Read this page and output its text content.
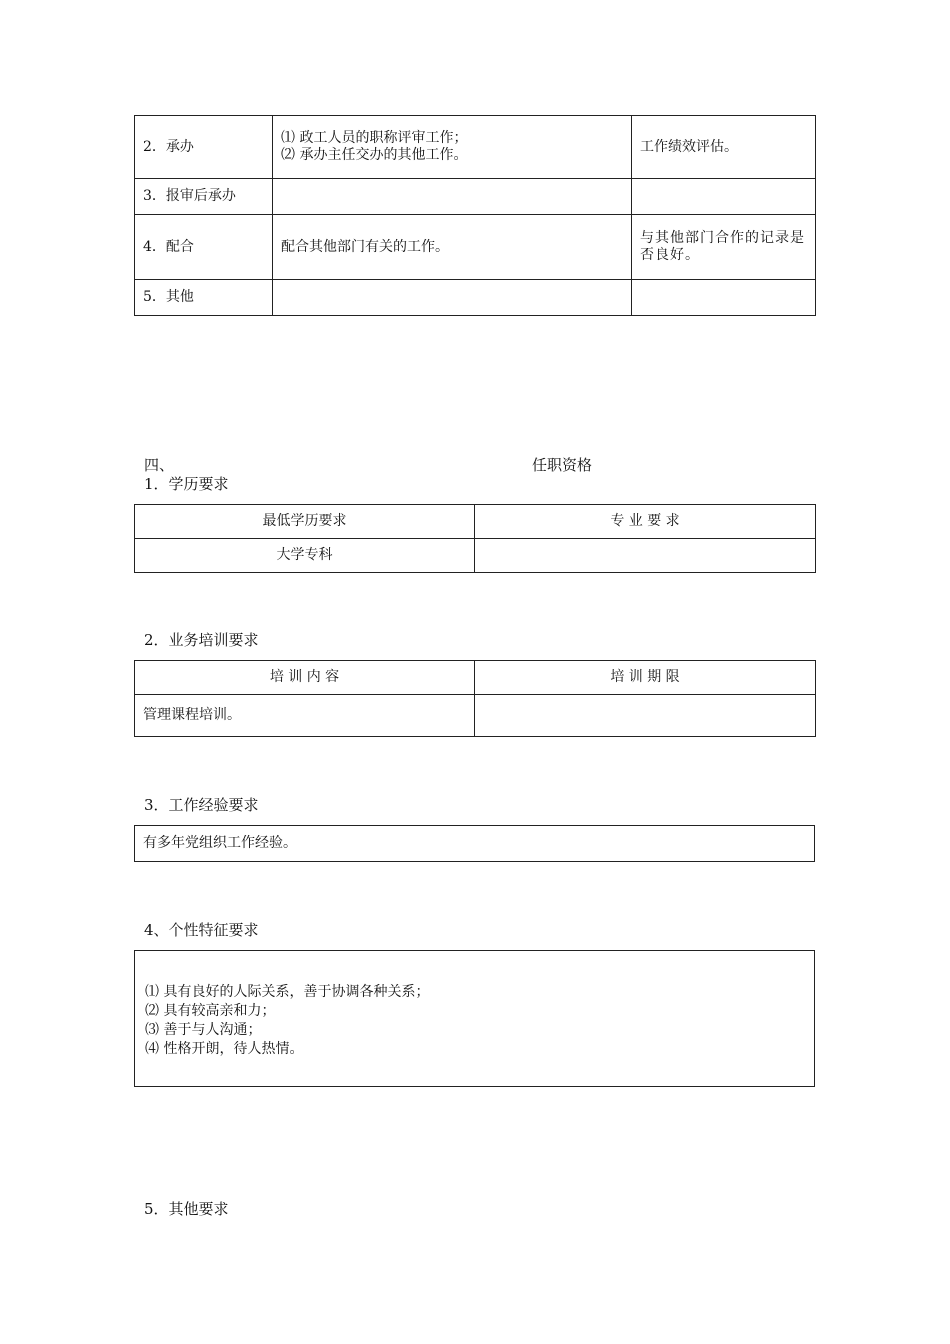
2．承办	⑴ 政工人员的职称评审工作；
⑵ 承办主任交办的其他工作。	工作绩效评估。
3．报审后承办		
4．配合	配合其他部门有关的工作。	与其他部门合作的记录是否良好。
5．其他		
四、	任职资格
1．学历要求
最低学历要求	专 业 要 求
大学专科	
2．业务培训要求
培 训 内 容	培 训 期 限
管理课程培训。	
3．工作经验要求
有多年党组织工作经验。
4、个性特征要求
⑴ 具有良好的人际关系，善于协调各种关系；
⑵ 具有较高亲和力；
⑶ 善于与人沟通；
⑷ 性格开朗，待人热情。
5．其他要求
